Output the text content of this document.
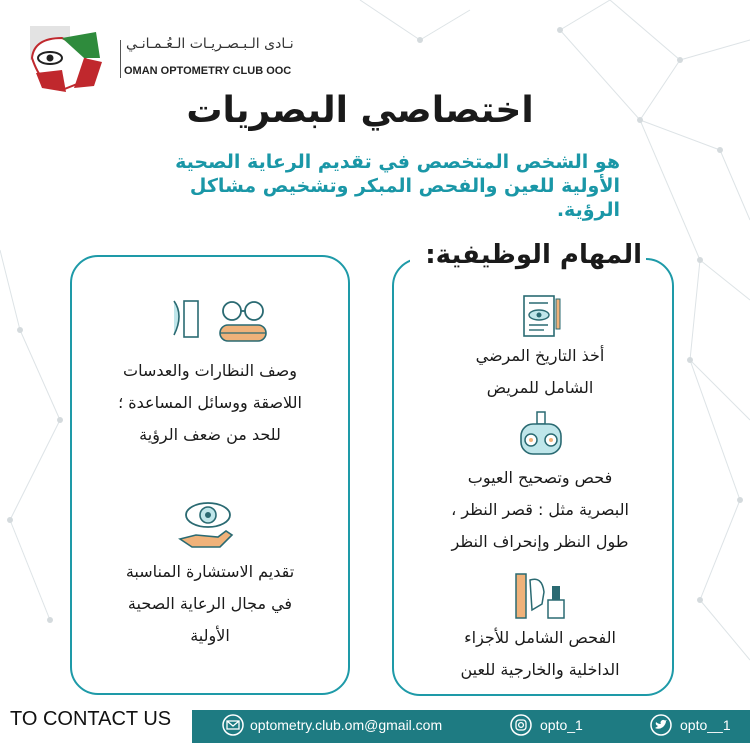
نـادى الـبـصـريـات الـعُـمـانـي
OMAN OPTOMETRY CLUB OOC
اختصاصي البصريات
هو الشخص المتخصص في تقديم الرعاية الصحية الأولية للعين والفحص المبكر وتشخيص مشاكل الرؤية.
المهام الوظيفية:
أخذ التاريخ المرضي
الشامل للمريض
فحص وتصحيح العيوب
البصرية مثل : قصر النظر ،
طول النظر وإنحراف النظر
الفحص الشامل للأجزاء
الداخلية والخارجية للعين
وصف النظارات والعدسات
اللاصقة ووسائل المساعدة ؛
للحد من ضعف الرؤية
تقديم الاستشارة المناسبة
في مجال الرعاية الصحية
الأولية
TO CONTACT US	optometry.club.om@gmail.com	opto_1	opto__1
